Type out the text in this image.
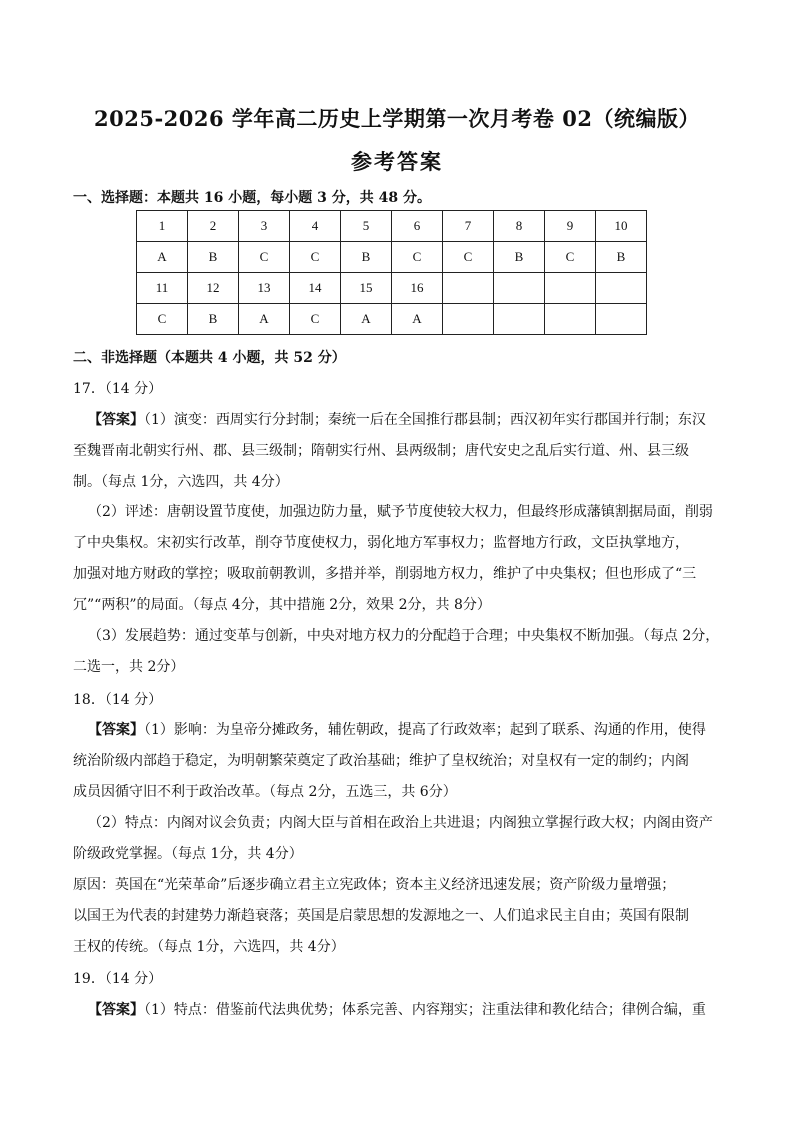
2025-2026 学年高二历史上学期第一次月考卷 02（统编版）
参考答案
一、选择题：本题共 16 小题，每小题 3 分，共 48 分。
1	2	3	4	5	6	7	8	9	10
A	B	C	C	B	C	C	B	C	B
11	12	13	14	15	16				
C	B	A	C	A	A				
二、非选择题（本题共 4 小题，共 52 分）
17．（14 分）
【答案】（1）演变：西周实行分封制；秦统一后在全国推行郡县制；西汉初年实行郡国并行制；东汉
至魏晋南北朝实行州、郡、县三级制；隋朝实行州、县两级制；唐代安史之乱后实行道、州、县三级
制。（每点 1分，六选四，共 4分）
（2）评述：唐朝设置节度使，加强边防力量，赋予节度使较大权力，但最终形成藩镇割据局面，削弱
了中央集权。宋初实行改革，削夺节度使权力，弱化地方军事权力；监督地方行政，文臣执掌地方，
加强对地方财政的掌控；吸取前朝教训，多措并举，削弱地方权力，维护了中央集权；但也形成了“三
冗”“两积”的局面。（每点 4分，其中措施 2分，效果 2分，共 8分）
（3）发展趋势：通过变革与创新，中央对地方权力的分配趋于合理；中央集权不断加强。（每点 2分，
二选一，共 2分）
18．（14 分）
【答案】（1）影响：为皇帝分摊政务，辅佐朝政，提高了行政效率；起到了联系、沟通的作用，使得
统治阶级内部趋于稳定，为明朝繁荣奠定了政治基础；维护了皇权统治；对皇权有一定的制约；内阁
成员因循守旧不利于政治改革。（每点 2分，五选三，共 6分）
（2）特点：内阁对议会负责；内阁大臣与首相在政治上共进退；内阁独立掌握行政大权；内阁由资产
阶级政党掌握。（每点 1分，共 4分）
原因：英国在“光荣革命”后逐步确立君主立宪政体；资本主义经济迅速发展；资产阶级力量增强；
以国王为代表的封建势力渐趋衰落；英国是启蒙思想的发源地之一、人们追求民主自由；英国有限制
王权的传统。（每点 1分，六选四，共 4分）
19．（14 分）
【答案】（1）特点：借鉴前代法典优势；体系完善、内容翔实；注重法律和教化结合；律例合编，重
